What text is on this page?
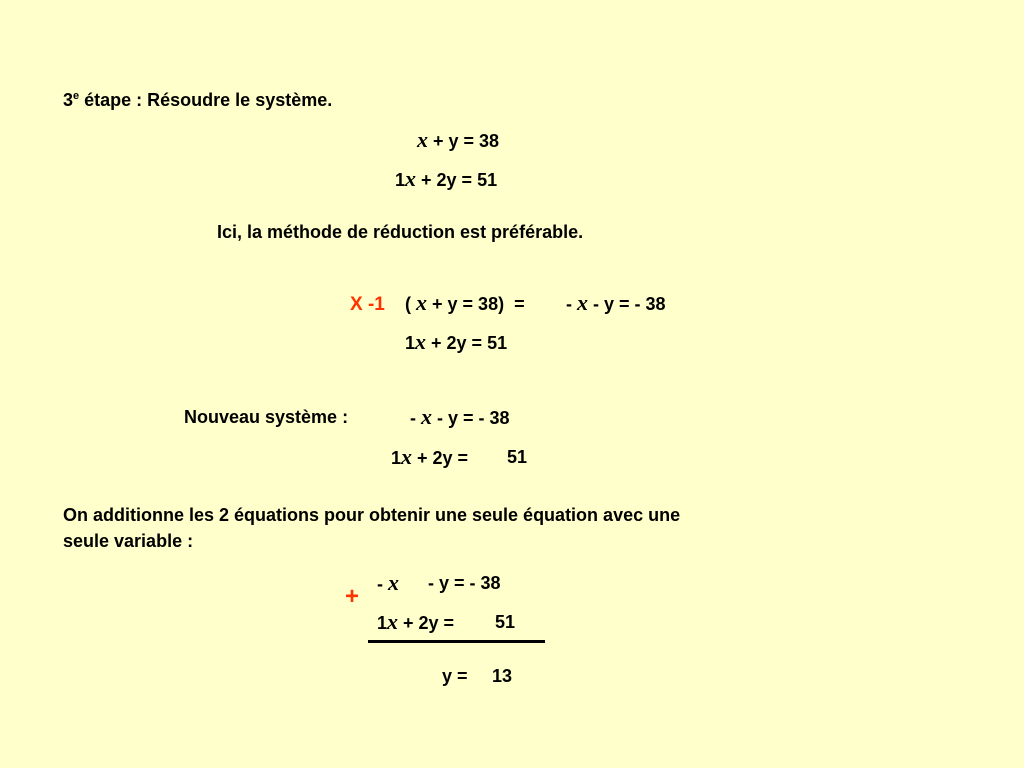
3e étape : Résoudre le système.
x + y = 38
1x + 2y = 51
Ici, la méthode de réduction est préférable.
X -1 ( x + y = 38) = - x - y = - 38
1x + 2y = 51
Nouveau système :	- x - y = - 38
1x + 2y = 51
On additionne les 2 équations pour obtenir une seule équation avec une
seule variable :
+ - x - y = - 38
1x + 2y = 51
y = 13
